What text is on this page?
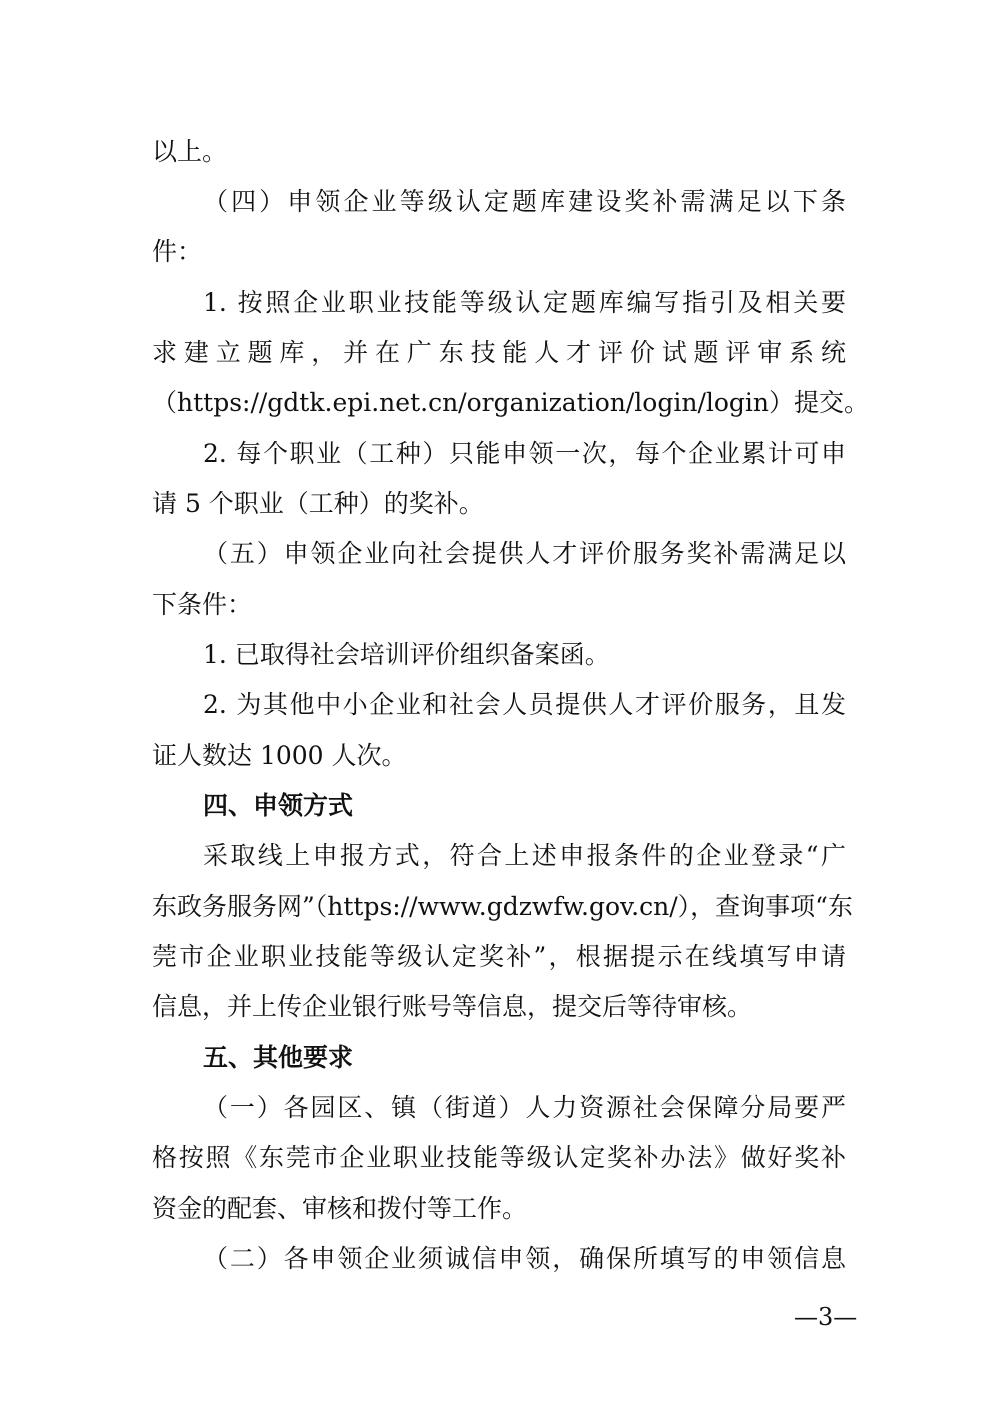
以上。
（四）申领企业等级认定题库建设奖补需满足以下条
件：
1. 按照企业职业技能等级认定题库编写指引及相关要
求建立题库，并在广东技能人才评价试题评审系统
（https://gdtk.epi.net.cn/organization/login/login）提交。
2. 每个职业（工种）只能申领一次，每个企业累计可申
请 5 个职业（工种）的奖补。
（五）申领企业向社会提供人才评价服务奖补需满足以
下条件：
1. 已取得社会培训评价组织备案函。
2. 为其他中小企业和社会人员提供人才评价服务，且发
证人数达 1000 人次。
四、申领方式
采取线上申报方式，符合上述申报条件的企业登录“广
东政务服务网”（https://www.gdzwfw.gov.cn/），查询事项“东
莞市企业职业技能等级认定奖补”，根据提示在线填写申请
信息，并上传企业银行账号等信息，提交后等待审核。
五、其他要求
（一）各园区、镇（街道）人力资源社会保障分局要严
格按照《东莞市企业职业技能等级认定奖补办法》做好奖补
资金的配套、审核和拨付等工作。
（二）各申领企业须诚信申领，确保所填写的申领信息
—3—
